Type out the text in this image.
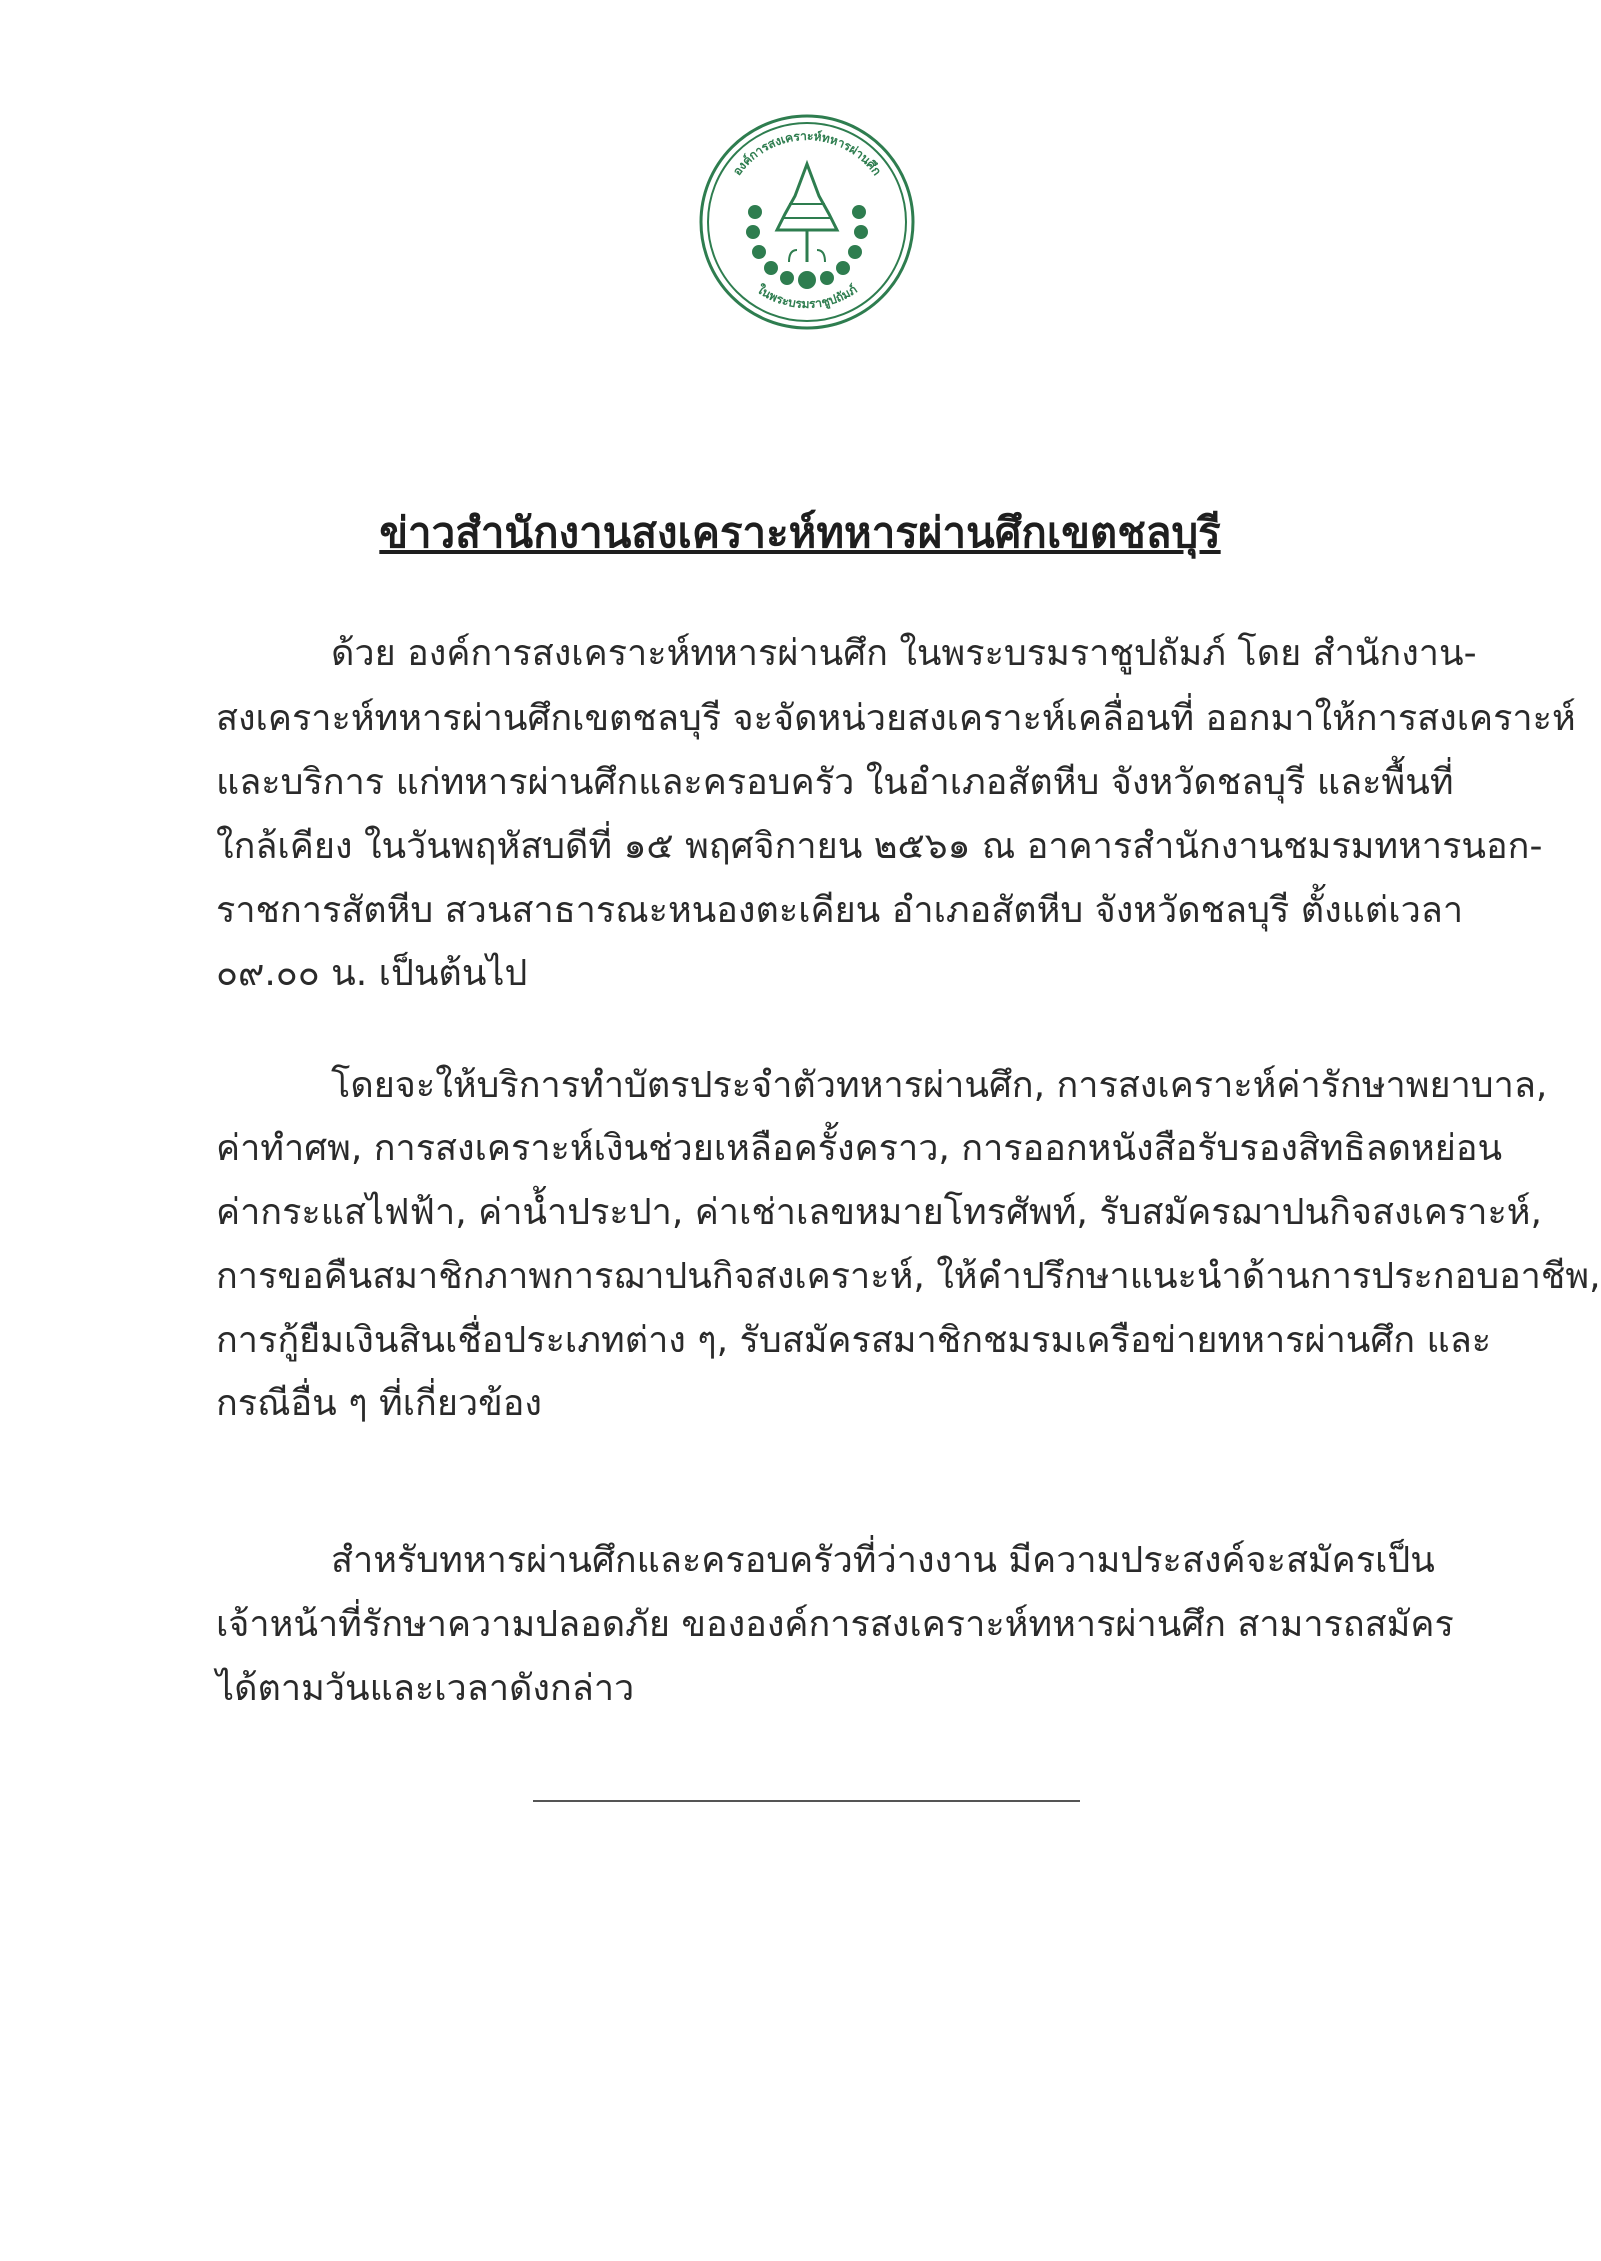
องค์การสงเคราะห์ทหารผ่านศึก
ในพระบรมราชูปถัมภ์
ข่าวสำนักงานสงเคราะห์ทหารผ่านศึกเขตชลบุรี
ด้วย องค์การสงเคราะห์ทหารผ่านศึก ในพระบรมราชูปถัมภ์ โดย สำนักงาน-
สงเคราะห์ทหารผ่านศึกเขตชลบุรี จะจัดหน่วยสงเคราะห์เคลื่อนที่ ออกมาให้การสงเคราะห์
และบริการ แก่ทหารผ่านศึกและครอบครัว ในอำเภอสัตหีบ จังหวัดชลบุรี และพื้นที่
ใกล้เคียง ในวันพฤหัสบดีที่ ๑๕ พฤศจิกายน ๒๕๖๑ ณ อาคารสำนักงานชมรมทหารนอก-
ราชการสัตหีบ สวนสาธารณะหนองตะเคียน อำเภอสัตหีบ จังหวัดชลบุรี ตั้งแต่เวลา
๐๙.๐๐ น. เป็นต้นไป
โดยจะให้บริการทำบัตรประจำตัวทหารผ่านศึก, การสงเคราะห์ค่ารักษาพยาบาล,
ค่าทำศพ, การสงเคราะห์เงินช่วยเหลือครั้งคราว, การออกหนังสือรับรองสิทธิลดหย่อน
ค่ากระแสไฟฟ้า, ค่าน้ำประปา, ค่าเช่าเลขหมายโทรศัพท์, รับสมัครฌาปนกิจสงเคราะห์,
การขอคืนสมาชิกภาพการฌาปนกิจสงเคราะห์, ให้คำปรึกษาแนะนำด้านการประกอบอาชีพ,
การกู้ยืมเงินสินเชื่อประเภทต่าง ๆ, รับสมัครสมาชิกชมรมเครือข่ายทหารผ่านศึก และ
กรณีอื่น ๆ ที่เกี่ยวข้อง
สำหรับทหารผ่านศึกและครอบครัวที่ว่างงาน มีความประสงค์จะสมัครเป็น
เจ้าหน้าที่รักษาความปลอดภัย ขององค์การสงเคราะห์ทหารผ่านศึก สามารถสมัคร
ได้ตามวันและเวลาดังกล่าว
